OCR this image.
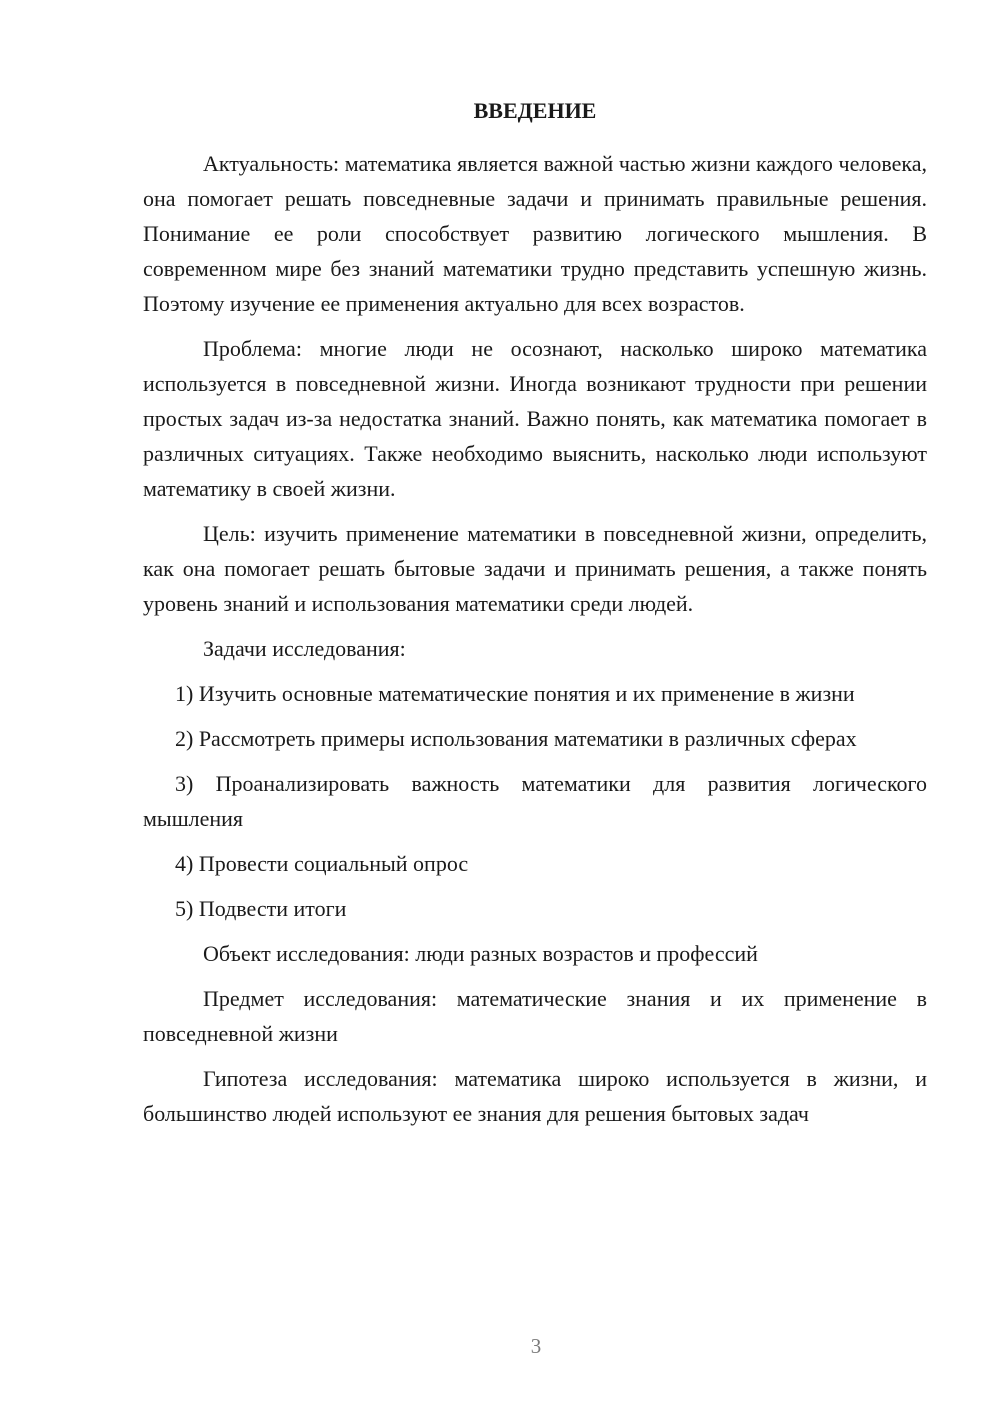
ВВЕДЕНИЕ

Актуальность: математика является важной частью жизни каждого человека, она помогает решать повседневные задачи и принимать правильные решения. Понимание ее роли способствует развитию логического мышления. В современном мире без знаний математики трудно представить успешную жизнь. Поэтому изучение ее применения актуально для всех возрастов.

Проблема: многие люди не осознают, насколько широко математика используется в повседневной жизни. Иногда возникают трудности при решении простых задач из-за недостатка знаний. Важно понять, как математика помогает в различных ситуациях. Также необходимо выяснить, насколько люди используют математику в своей жизни.

Цель: изучить применение математики в повседневной жизни, определить, как она помогает решать бытовые задачи и принимать решения, а также понять уровень знаний и использования математики среди людей.

Задачи исследования:

1) Изучить основные математические понятия и их применение в жизни

2) Рассмотреть примеры использования математики в различных сферах

3) Проанализировать важность математики для развития логического мышления

4) Провести социальный опрос

5) Подвести итоги

Объект исследования: люди разных возрастов и профессий

Предмет исследования: математические знания и их применение в повседневной жизни

Гипотеза исследования: математика широко используется в жизни, и большинство людей используют ее знания для решения бытовых задач

3
